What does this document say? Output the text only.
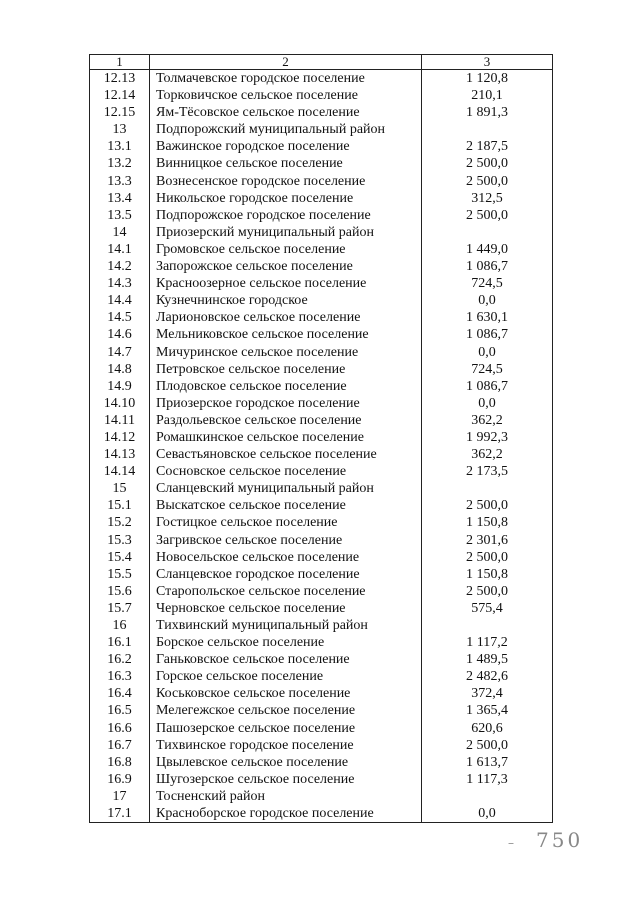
1	2	3
12.13	Толмачевское городское поселение	1 120,8
12.14	Торковичское сельское поселение	210,1
12.15	Ям-Тёсовское сельское поселение	1 891,3
13	Подпорожский муниципальный район	
13.1	Важинское городское поселение	2 187,5
13.2	Винницкое сельское поселение	2 500,0
13.3	Вознесенское городское поселение	2 500,0
13.4	Никольское городское поселение	312,5
13.5	Подпорожское городское поселение	2 500,0
14	Приозерский муниципальный район	
14.1	Громовское сельское поселение	1 449,0
14.2	Запорожское сельское поселение	1 086,7
14.3	Красноозерное сельское поселение	724,5
14.4	Кузнечнинское городское	0,0
14.5	Ларионовское сельское поселение	1 630,1
14.6	Мельниковское сельское поселение	1 086,7
14.7	Мичуринское сельское поселение	0,0
14.8	Петровское сельское поселение	724,5
14.9	Плодовское сельское поселение	1 086,7
14.10	Приозерское городское поселение	0,0
14.11	Раздольевское сельское поселение	362,2
14.12	Ромашкинское сельское поселение	1 992,3
14.13	Севастьяновское сельское поселение	362,2
14.14	Сосновское сельское поселение	2 173,5
15	Сланцевский муниципальный район	
15.1	Выскатское сельское поселение	2 500,0
15.2	Гостицкое сельское поселение	1 150,8
15.3	Загривское сельское поселение	2 301,6
15.4	Новосельское сельское поселение	2 500,0
15.5	Сланцевское городское поселение	1 150,8
15.6	Старопольское сельское поселение	2 500,0
15.7	Черновское сельское поселение	575,4
16	Тихвинский муниципальный район	
16.1	Борское сельское поселение	1 117,2
16.2	Ганьковское сельское поселение	1 489,5
16.3	Горское сельское поселение	2 482,6
16.4	Коськовское сельское поселение	372,4
16.5	Мелегежское сельское поселение	1 365,4
16.6	Пашозерское сельское поселение	620,6
16.7	Тихвинское городское поселение	2 500,0
16.8	Цвылевское сельское поселение	1 613,7
16.9	Шугозерское сельское поселение	1 117,3
17	Тосненский район	
17.1	Красноборское городское поселение	0,0
– 750
